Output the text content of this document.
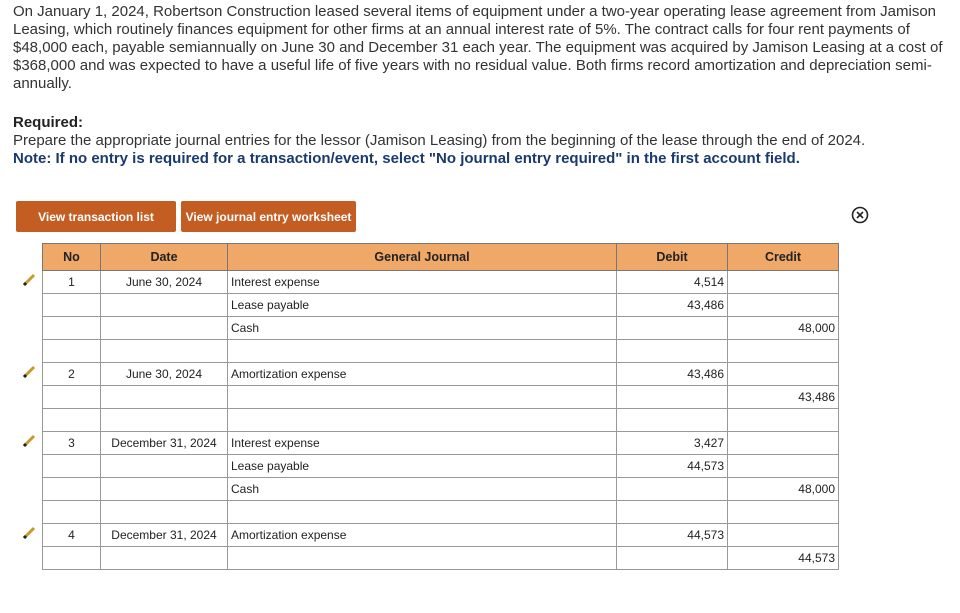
On January 1, 2024, Robertson Construction leased several items of equipment under a two-year operating lease agreement from Jamison Leasing, which routinely finances equipment for other firms at an annual interest rate of 5%. The contract calls for four rent payments of $48,000 each, payable semiannually on June 30 and December 31 each year. The equipment was acquired by Jamison Leasing at a cost of $368,000 and was expected to have a useful life of five years with no residual value. Both firms record amortization and depreciation semi-annually.
Required:
Prepare the appropriate journal entries for the lessor (Jamison Leasing) from the beginning of the lease through the end of 2024.
Note: If no entry is required for a transaction/event, select "No journal entry required" in the first account field.
View transaction list	View journal entry worksheet
No	Date	General Journal	Debit	Credit
1	June 30, 2024	Interest expense	4,514	
		Lease payable	43,486	
		Cash		48,000

2	June 30, 2024	Amortization expense	43,486	
				43,486

3	December 31, 2024	Interest expense	3,427	
		Lease payable	44,573	
		Cash		48,000

4	December 31, 2024	Amortization expense	44,573	
				44,573
